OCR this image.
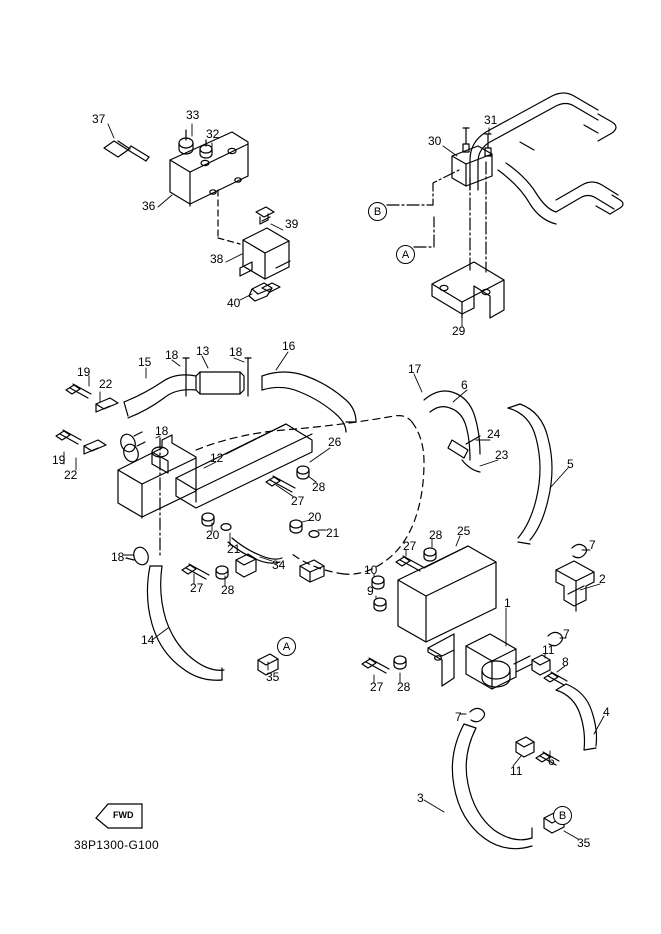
FWD
38P1300-G100
B
A
A
B
37	33
32
36
39
38
40
30
31
29
19
22
15 18 13 18	16
19
22
18
17
6
24
23
5
12
26
28
27
20
21
20
21
18
27 28
34
14
35
27
28 25
10
9
7
2
7
1
11
8
4
27 28
7
11
6
3
35
